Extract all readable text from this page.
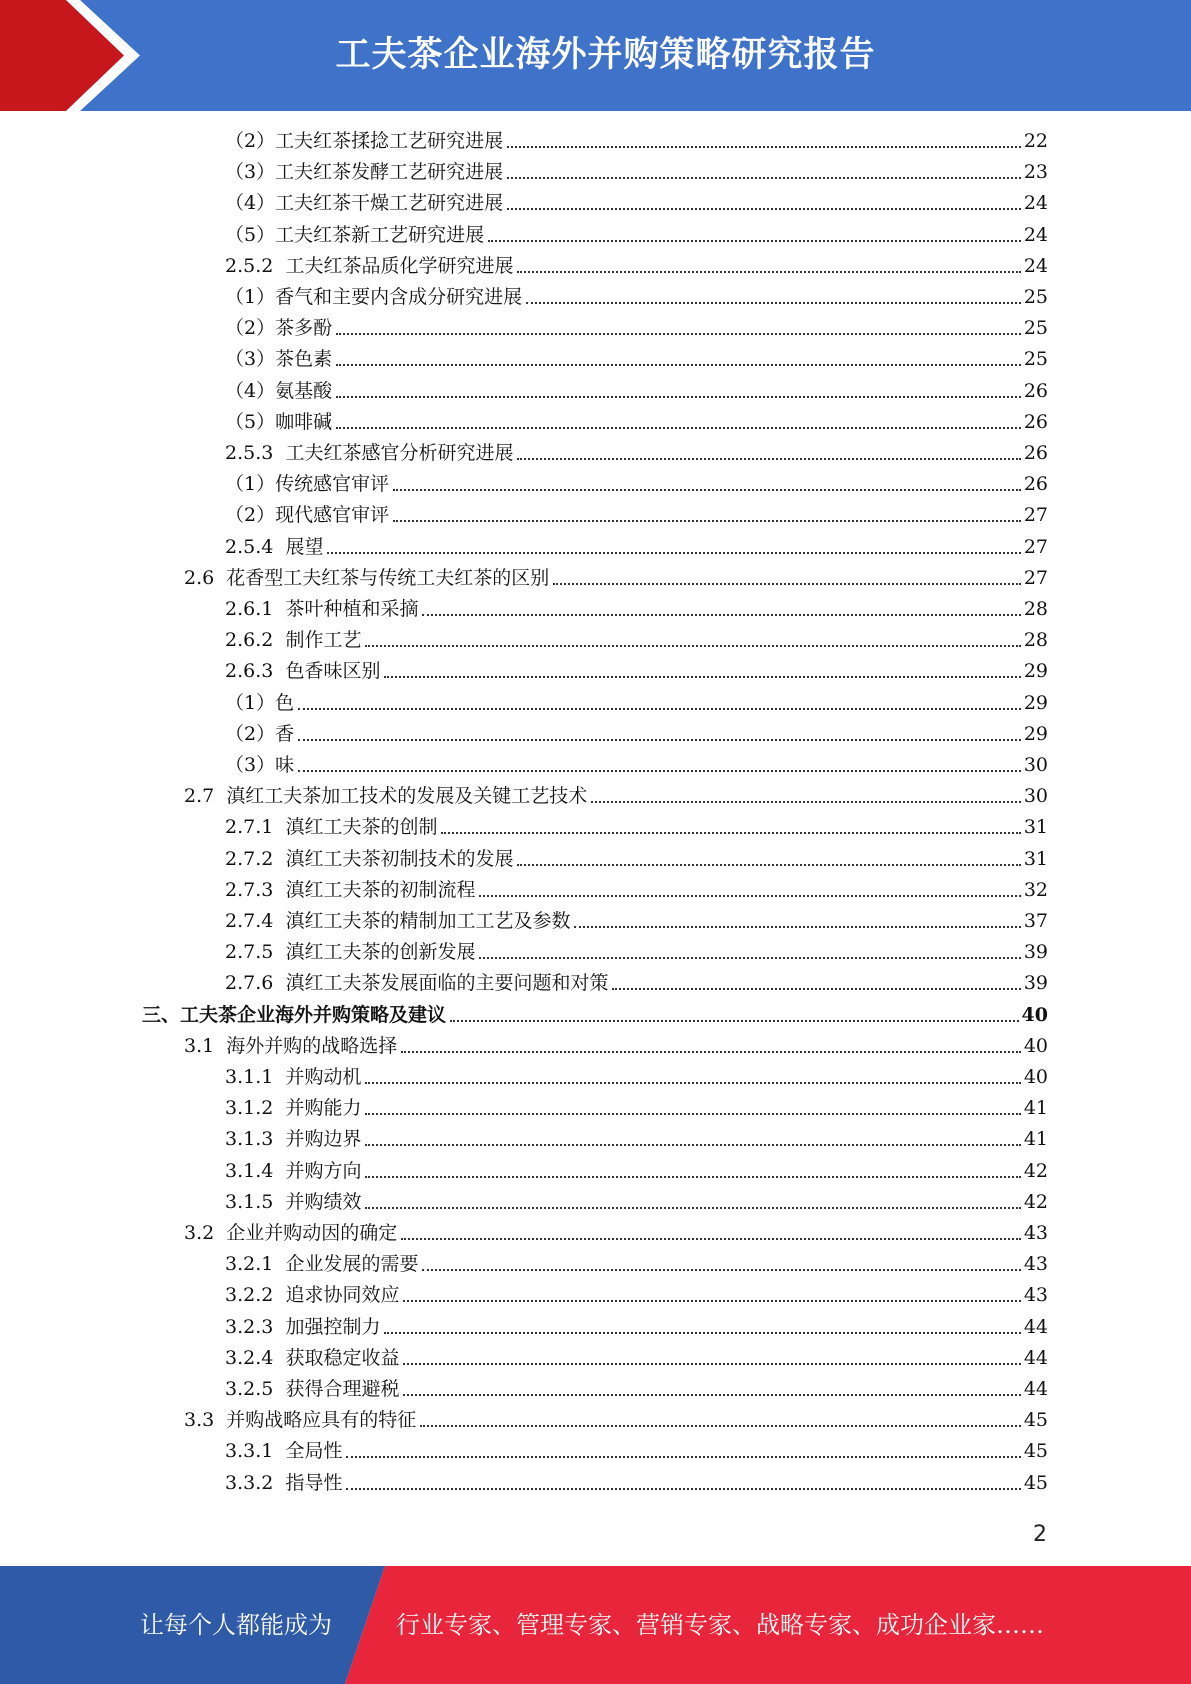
工夫茶企业海外并购策略研究报告
（2） 工夫红茶揉捻工艺研究进展	22
（3） 工夫红茶发酵工艺研究进展	23
（4） 工夫红茶干燥工艺研究进展	24
（5） 工夫红茶新工艺研究进展	24
2.5.2 工夫红茶品质化学研究进展	24
（1） 香气和主要内含成分研究进展	25
（2） 茶多酚	25
（3） 茶色素	25
（4） 氨基酸	26
（5） 咖啡碱	26
2.5.3 工夫红茶感官分析研究进展	26
（1） 传统感官审评	26
（2） 现代感官审评	27
2.5.4 展望	27
2.6 花香型工夫红茶与传统工夫红茶的区别	27
2.6.1 茶叶种植和采摘	28
2.6.2 制作工艺	28
2.6.3 色香味区别	29
（1） 色	29
（2） 香	29
（3） 味	30
2.7 滇红工夫茶加工技术的发展及关键工艺技术	30
2.7.1 滇红工夫茶的创制	31
2.7.2 滇红工夫茶初制技术的发展	31
2.7.3 滇红工夫茶的初制流程	32
2.7.4 滇红工夫茶的精制加工工艺及参数	37
2.7.5 滇红工夫茶的创新发展	39
2.7.6 滇红工夫茶发展面临的主要问题和对策	39
三、 工夫茶企业海外并购策略及建议	40
3.1 海外并购的战略选择	40
3.1.1 并购动机	40
3.1.2 并购能力	41
3.1.3 并购边界	41
3.1.4 并购方向	42
3.1.5 并购绩效	42
3.2 企业并购动因的确定	43
3.2.1 企业发展的需要	43
3.2.2 追求协同效应	43
3.2.3 加强控制力	44
3.2.4 获取稳定收益	44
3.2.5 获得合理避税	44
3.3 并购战略应具有的特征	45
3.3.1 全局性	45
3.3.2 指导性	45
2
让每个人都能成为	行业专家、管理专家、营销专家、战略专家、成功企业家……
